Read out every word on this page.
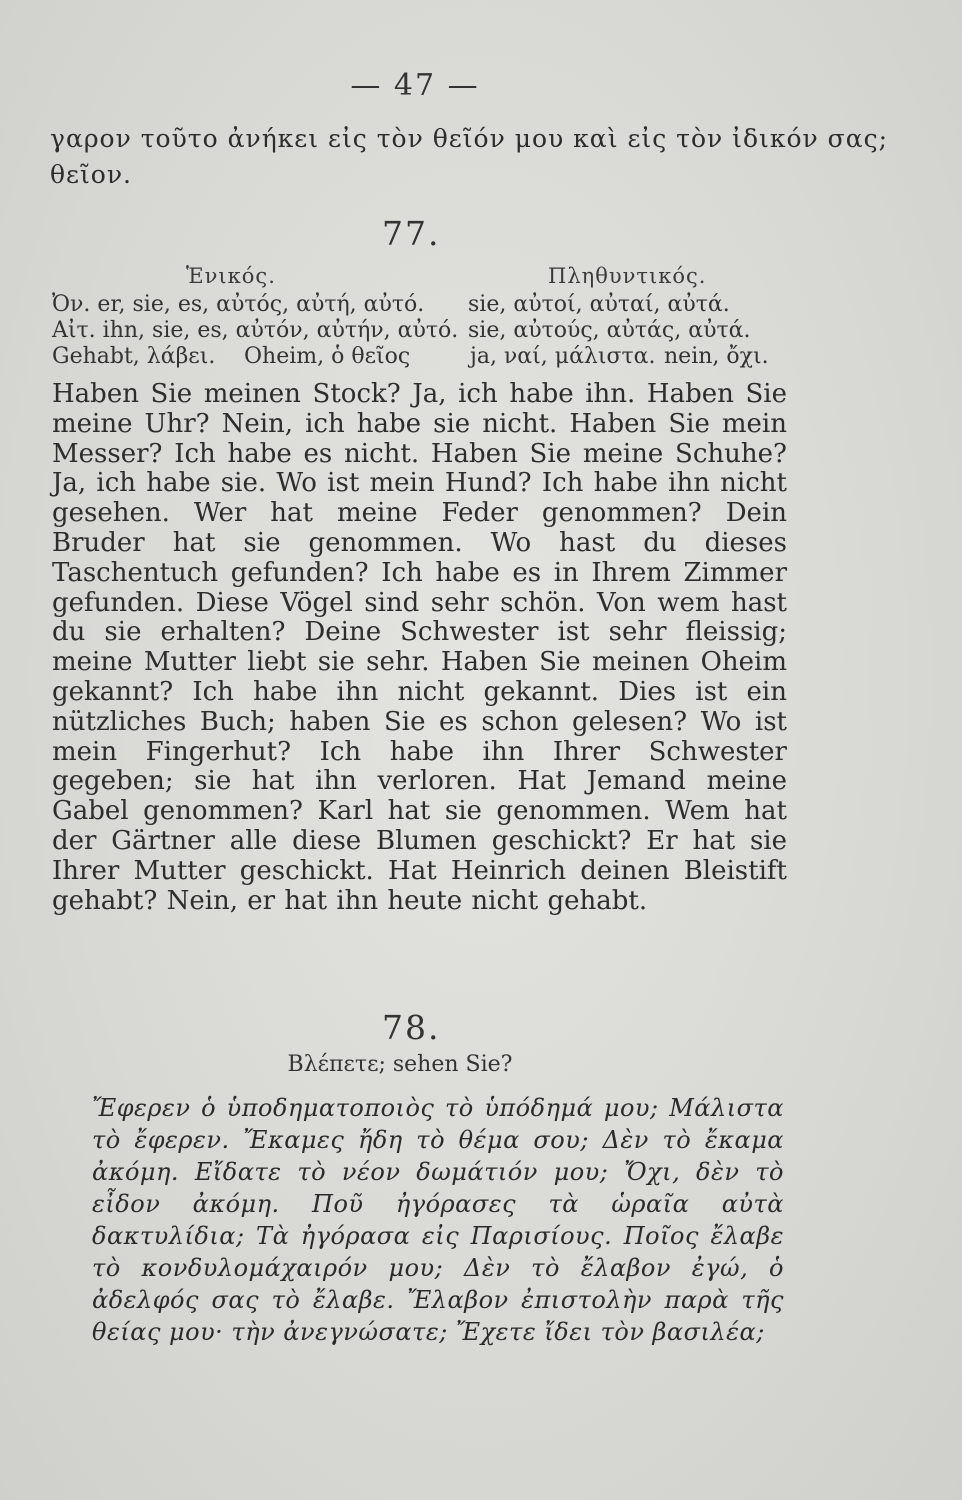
— 47 —
γαρον τοῦτο ἀνήκει εἰς τὸν θεῖόν μου καὶ εἰς τὸν ἰδικόν σας;
θεῖον.
77.
Ἑνικός.	Πληθυντικός.
Ὀν. er, sie, es, αὐτός, αὐτή, αὐτό. sie, αὐτοί, αὐταί, αὐτά.
Αἰτ. ihn, sie, es, αὐτόν, αὐτήν, αὐτό. sie, αὐτούς, αὐτάς, αὐτά.
Gehabt, λάβει. Oheim, ὁ θεῖος	ja, ναί, μάλιστα. nein, ὄχι.
Haben Sie meinen Stock? Ja, ich habe ihn. Haben Sie meine Uhr? Nein, ich habe sie nicht. Haben Sie mein Messer? Ich habe es nicht. Haben Sie meine Schuhe? Ja, ich habe sie. Wo ist mein Hund? Ich habe ihn nicht gesehen. Wer hat meine Feder genommen? Dein Bruder hat sie genommen. Wo hast du dieses Taschentuch gefunden? Ich habe es in Ihrem Zimmer gefunden. Diese Vögel sind sehr schön. Von wem hast du sie erhalten? Deine Schwester ist sehr fleissig; meine Mutter liebt sie sehr. Haben Sie meinen Oheim gekannt? Ich habe ihn nicht gekannt. Dies ist ein nützliches Buch; haben Sie es schon gelesen? Wo ist mein Fingerhut? Ich habe ihn Ihrer Schwester gegeben; sie hat ihn verloren. Hat Jemand meine Gabel genommen? Karl hat sie genommen. Wem hat der Gärtner alle diese Blumen geschickt? Er hat sie Ihrer Mutter geschickt. Hat Heinrich deinen Bleistift gehabt? Nein, er hat ihn heute nicht gehabt.
78.
Βλέπετε; sehen Sie?
Ἔφερεν ὁ ὑποδηματοποιὸς τὸ ὑπόδημά μου; Μάλιστα τὸ ἔφερεν. Ἔκαμες ἤδη τὸ θέμα σου; Δὲν τὸ ἔκαμα ἀκόμη. Εἴδατε τὸ νέον δωμάτιόν μου; Ὄχι, δὲν τὸ εἶδον ἀκόμη. Ποῦ ἠγόρασες τὰ ὡραῖα αὐτὰ δακτυλίδια; Τὰ ἠγόρασα εἰς Παρισίους. Ποῖος ἔλαβε τὸ κονδυλομάχαιρόν μου; Δὲν τὸ ἔλαβον ἐγώ, ὁ ἀδελφός σας τὸ ἔλαβε. Ἔλαβον ἐπιστολὴν παρὰ τῆς θείας μου· τὴν ἀνεγνώσατε; Ἔχετε ἴδει τὸν βασιλέα;
